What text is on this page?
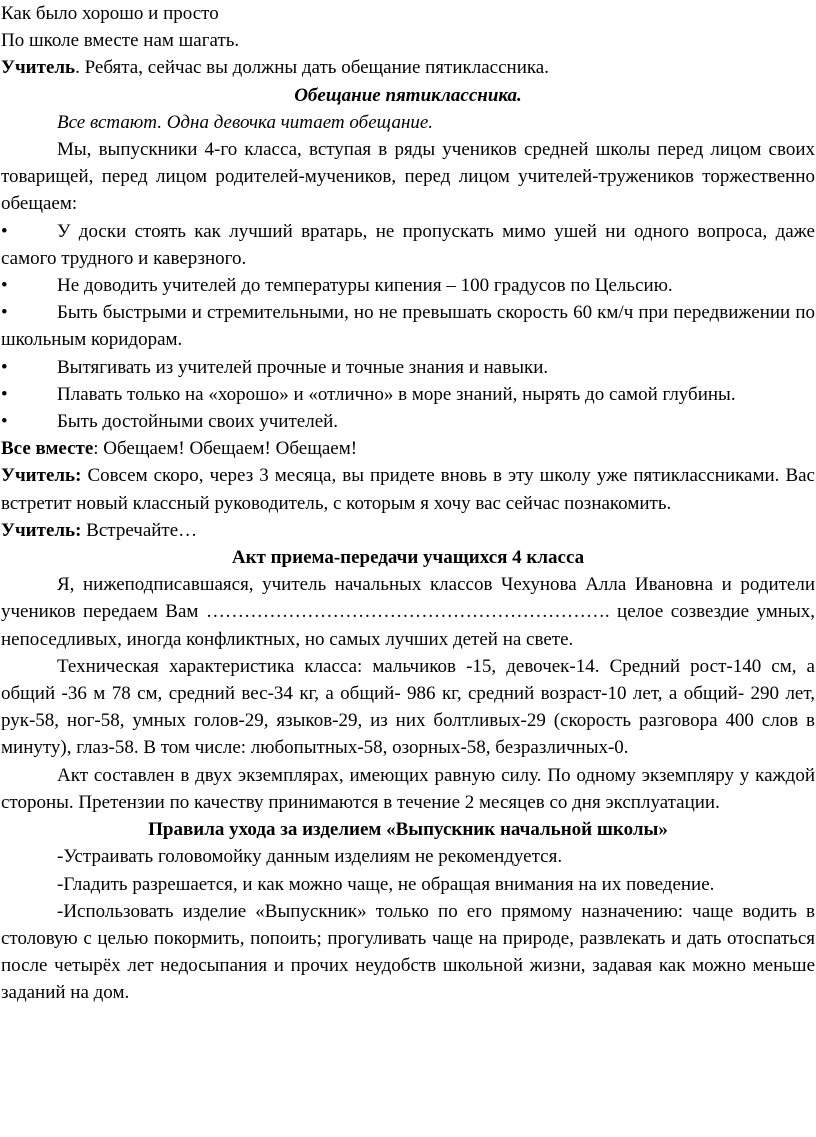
Как было хорошо и просто

По школе вместе нам шагать.

Учитель. Ребята, сейчас вы должны дать обещание пятиклассника.

Обещание пятиклассника.

Все встают. Одна девочка читает обещание.

Мы, выпускники 4-го класса, вступая в ряды учеников средней школы перед лицом своих товарищей, перед лицом родителей-мучеников, перед лицом учителей-тружеников торжественно обещаем:

•	У доски стоять как лучший вратарь, не пропускать мимо ушей ни одного вопроса, даже самого трудного и каверзного.

•	Не доводить учителей до температуры кипения – 100 градусов по Цельсию.

•	Быть быстрыми и стремительными, но не превышать скорость 60 км/ч при передвижении по школьным коридорам.

•	Вытягивать из учителей прочные и точные знания и навыки.

•	Плавать только на «хорошо» и «отлично» в море знаний, нырять до самой глубины.

•	Быть достойными своих учителей.

Все вместе: Обещаем! Обещаем! Обещаем!

Учитель: Совсем скоро, через 3 месяца, вы придете вновь в эту школу уже пятиклассниками. Вас встретит новый классный руководитель, с которым я хочу вас сейчас познакомить.

Учитель: Встречайте…

Акт приема-передачи учащихся 4 класса

Я, нижеподписавшаяся, учитель начальных классов Чехунова Алла Ивановна и родители учеников передаем Вам ………………………………………………………. целое созвездие умных, непоседливых, иногда конфликтных, но самых лучших детей на свете.

Техническая характеристика класса: мальчиков -15, девочек-14. Средний рост-140 см, а общий -36 м 78 см, средний вес-34 кг, а общий- 986 кг, средний возраст-10 лет, а общий- 290 лет, рук-58, ног-58, умных голов-29, языков-29, из них болтливых-29 (скорость разговора 400 слов в минуту), глаз-58. В том числе: любопытных-58, озорных-58, безразличных-0.

Акт составлен в двух экземплярах, имеющих равную силу. По одному экземпляру у каждой стороны. Претензии по качеству принимаются в течение 2 месяцев со дня эксплуатации.

Правила ухода за изделием «Выпускник начальной школы»

-Устраивать головомойку данным изделиям не рекомендуется.

-Гладить разрешается, и как можно чаще, не обращая внимания на их поведение.

-Использовать изделие «Выпускник» только по его прямому назначению: чаще водить в столовую с целью покормить, попоить; прогуливать чаще на природе, развлекать и дать отоспаться после четырёх лет недосыпания и прочих неудобств школьной жизни, задавая как можно меньше заданий на дом.
